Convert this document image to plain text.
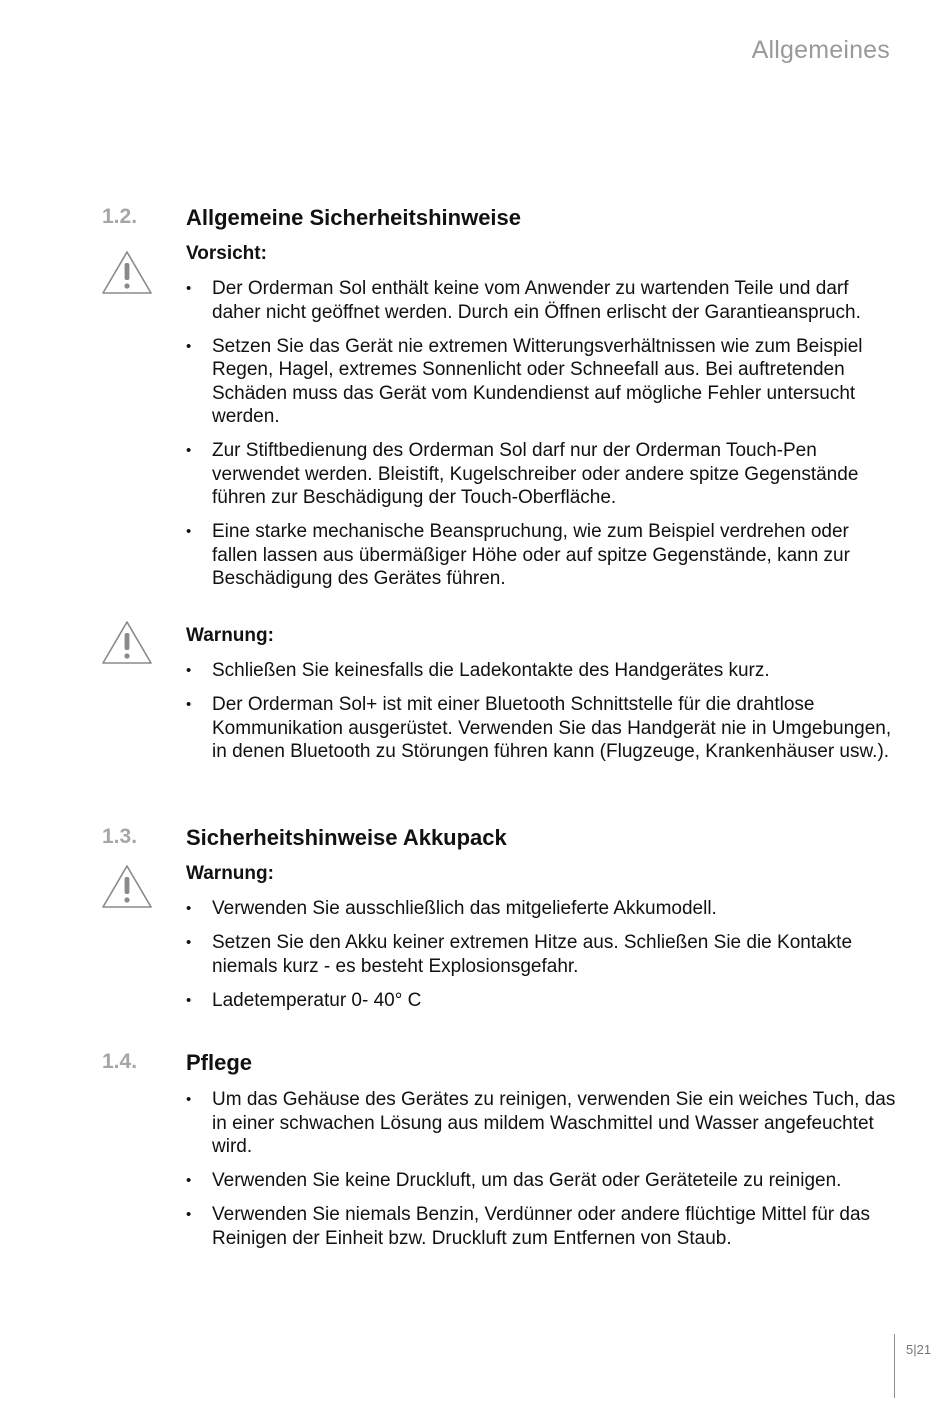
Allgemeines
1.2. Allgemeine Sicherheitshinweise
Vorsicht:
•	Der Orderman Sol enthält keine vom Anwender zu wartenden Teile und darf daher nicht geöffnet werden. Durch ein Öffnen erlischt der Garantieanspruch.
•	Setzen Sie das Gerät nie extremen Witterungsverhältnissen wie zum Beispiel Regen, Hagel, extremes Sonnenlicht oder Schneefall aus. Bei auftretenden Schäden muss das Gerät vom Kundendienst auf mögliche Fehler untersucht werden.
•	Zur Stiftbedienung des Orderman Sol darf nur der Orderman Touch-Pen verwendet werden. Bleistift, Kugelschreiber oder andere spitze Gegenstände führen zur Beschädigung der Touch-Oberfläche.
•	Eine starke mechanische Beanspruchung, wie zum Beispiel verdrehen oder fallen lassen aus übermäßiger Höhe oder auf spitze Gegenstände, kann zur Beschädigung des Gerätes führen.
Warnung:
•	Schließen Sie keinesfalls die Ladekontakte des Handgerätes kurz.
•	Der Orderman Sol+ ist mit einer Bluetooth Schnittstelle für die drahtlose Kommunikation ausgerüstet. Verwenden Sie das Handgerät nie in Umgebungen, in denen Bluetooth zu Störungen führen kann (Flugzeuge, Krankenhäuser usw.).
1.3. Sicherheitshinweise Akkupack
Warnung:
•	Verwenden Sie ausschließlich das mitgelieferte Akkumodell.
•	Setzen Sie den Akku keiner extremen Hitze aus. Schließen Sie die Kontakte niemals kurz - es besteht Explosionsgefahr.
•	Ladetemperatur 0- 40° C
1.4. Pflege
•	Um das Gehäuse des Gerätes zu reinigen, verwenden Sie ein weiches Tuch, das in einer schwachen Lösung aus mildem Waschmittel und Wasser angefeuchtet wird.
•	Verwenden Sie keine Druckluft, um das Gerät oder Geräteteile zu reinigen.
•	Verwenden Sie niemals Benzin, Verdünner oder andere flüchtige Mittel für das Reinigen der Einheit bzw. Druckluft zum Entfernen von Staub.
5|21
